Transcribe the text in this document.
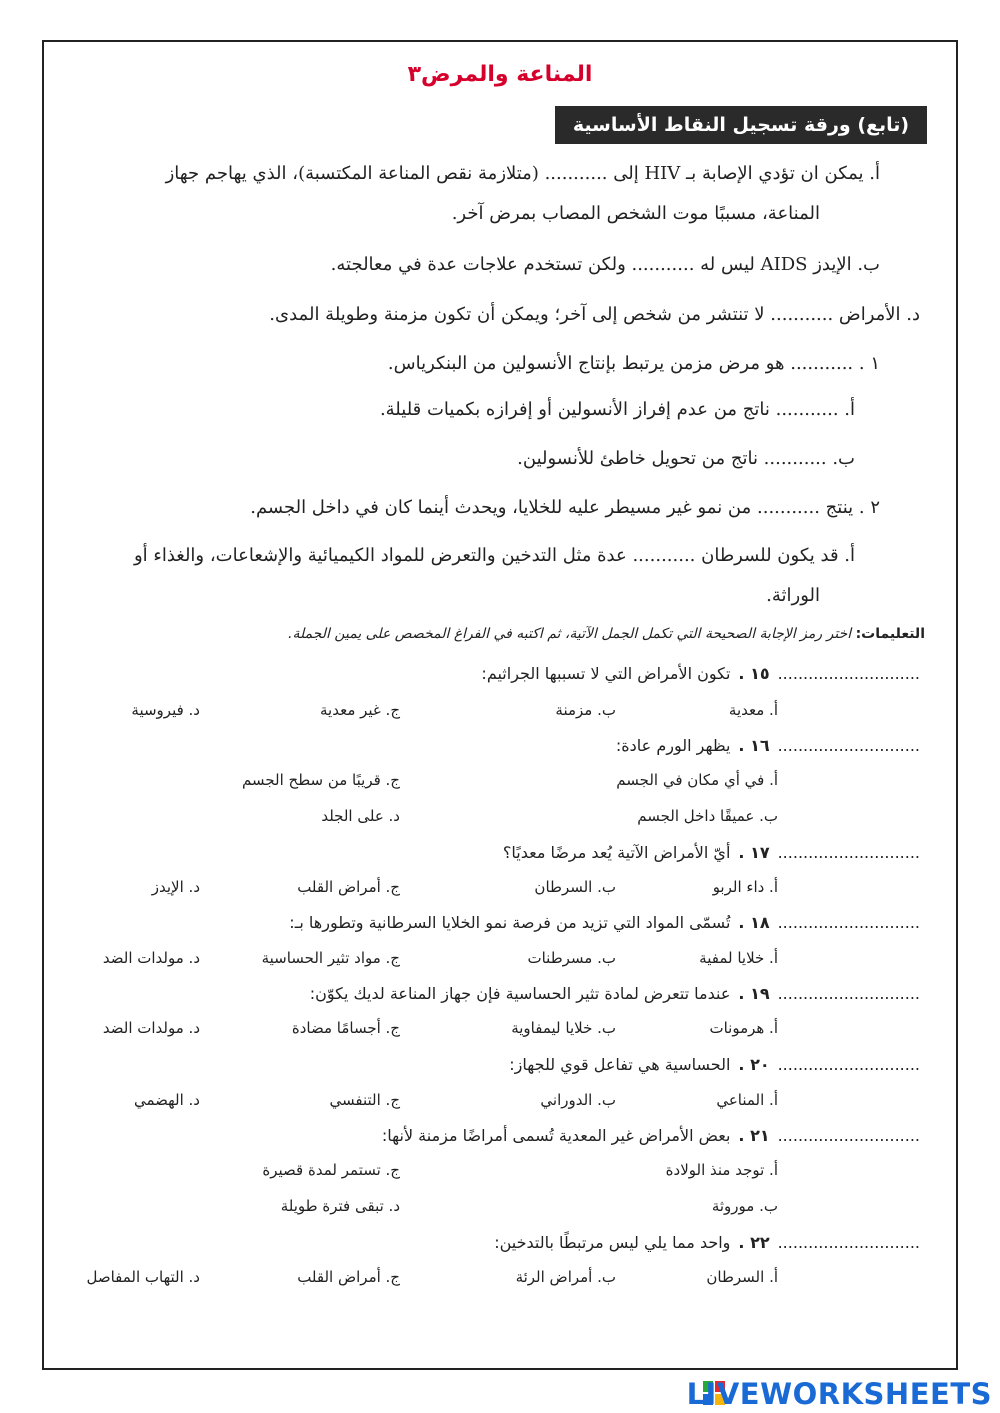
المناعة والمرض٣
(تابع) ورقة تسجيل النقاط الأساسية
أ. يمكن ان تؤدي الإصابة بـ HIV إلى ........... (متلازمة نقص المناعة المكتسبة)، الذي يهاجم جهاز
المناعة، مسببًا موت الشخص المصاب بمرض آخر.
ب. الإيدز AIDS ليس له ........... ولكن تستخدم علاجات عدة في معالجته.
د. الأمراض ........... لا تنتشر من شخص إلى آخر؛ ويمكن أن تكون مزمنة وطويلة المدى.
١ . ........... هو مرض مزمن يرتبط بإنتاج الأنسولين من البنكرياس.
أ. ........... ناتج من عدم إفراز الأنسولين أو إفرازه بكميات قليلة.
ب. ........... ناتج من تحويل خاطئ للأنسولين.
٢ . ينتج ........... من نمو غير مسيطر عليه للخلايا، ويحدث أينما كان في داخل الجسم.
أ. قد يكون للسرطان ........... عدة مثل التدخين والتعرض للمواد الكيميائية والإشعاعات، والغذاء أو
الوراثة.
التعليمات: اختر رمز الإجابة الصحيحة التي تكمل الجمل الآتية، ثم اكتبه في الفراغ المخصص على يمين الجملة.
............................١٥ .تكون الأمراض التي لا تسببها الجراثيم:
أ. معدية
ب. مزمنة
ج. غير معدية
د. فيروسية
............................١٦ .يظهر الورم عادة:
أ. في أي مكان في الجسم
ج. قريبًا من سطح الجسم
ب. عميقًا داخل الجسم
د. على الجلد
............................١٧ .أيّ الأمراض الآتية يُعد مرضًا معديًا؟
أ. داء الربو
ب. السرطان
ج. أمراض القلب
د. الإيدز
............................١٨ .تُسمّى المواد التي تزيد من فرصة نمو الخلايا السرطانية وتطورها بـ:
أ. خلايا لمفية
ب. مسرطنات
ج. مواد تثير الحساسية
د. مولدات الضد
............................١٩ .عندما تتعرض لمادة تثير الحساسية فإن جهاز المناعة لديك يكوّن:
أ. هرمونات
ب. خلايا ليمفاوية
ج. أجسامًا مضادة
د. مولدات الضد
............................٢٠ .الحساسية هي تفاعل قوي للجهاز:
أ. المناعي
ب. الدوراني
ج. التنفسي
د. الهضمي
............................٢١ .بعض الأمراض غير المعدية تُسمى أمراضًا مزمنة لأنها:
أ. توجد منذ الولادة
ج. تستمر لمدة قصيرة
ب. موروثة
د. تبقى فترة طويلة
............................٢٢ .واحد مما يلي ليس مرتبطًا بالتدخين:
أ. السرطان
ب. أمراض الرئة
ج. أمراض القلب
د. التهاب المفاصل
LIVEWORKSHEETS
